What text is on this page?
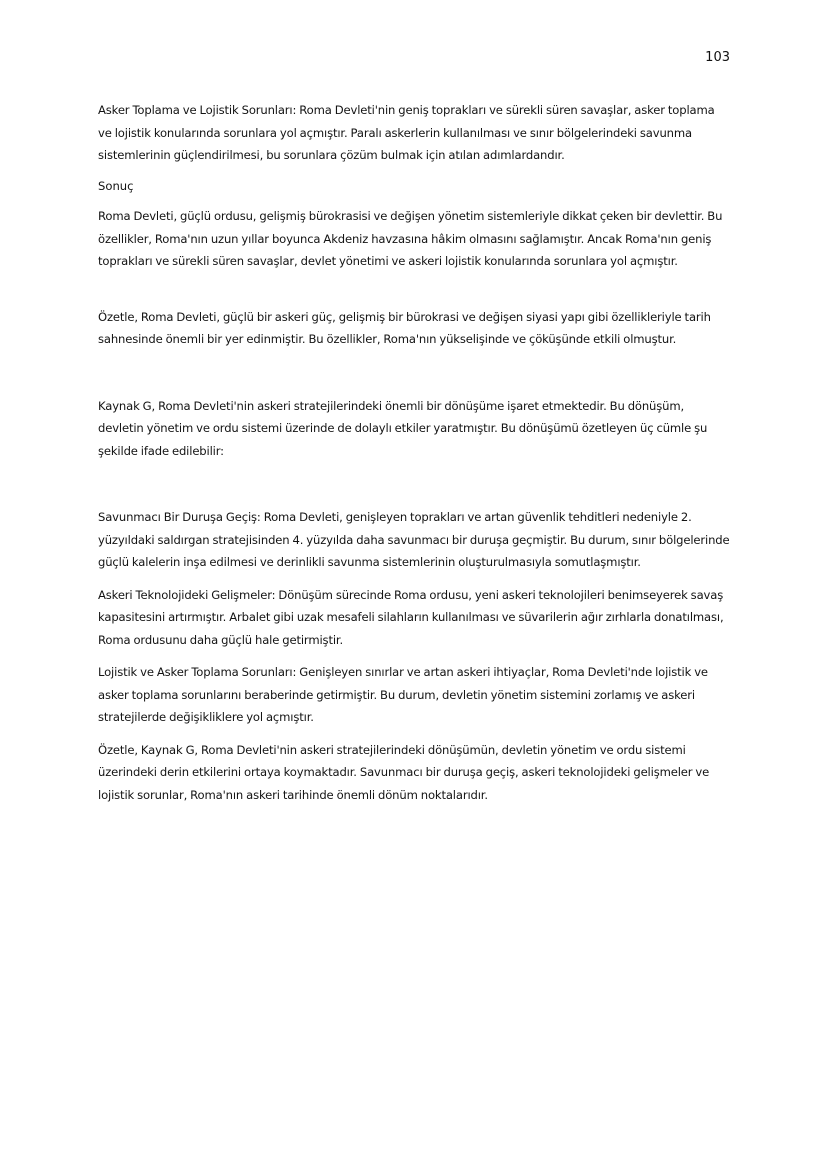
103

Asker Toplama ve Lojistik Sorunları: Roma Devleti'nin geniş toprakları ve sürekli süren savaşlar, asker toplama ve lojistik konularında sorunlara yol açmıştır. Paralı askerlerin kullanılması ve sınır bölgelerindeki savunma sistemlerinin güçlendirilmesi, bu sorunlara çözüm bulmak için atılan adımlardandır.

Sonuç

Roma Devleti, güçlü ordusu, gelişmiş bürokrasisi ve değişen yönetim sistemleriyle dikkat çeken bir devlettir. Bu özellikler, Roma'nın uzun yıllar boyunca Akdeniz havzasına hâkim olmasını sağlamıştır. Ancak Roma'nın geniş toprakları ve sürekli süren savaşlar, devlet yönetimi ve askeri lojistik konularında sorunlara yol açmıştır.

Özetle, Roma Devleti, güçlü bir askeri güç, gelişmiş bir bürokrasi ve değişen siyasi yapı gibi özellikleriyle tarih sahnesinde önemli bir yer edinmiştir. Bu özellikler, Roma'nın yükselişinde ve çöküşünde etkili olmuştur.

Kaynak G, Roma Devleti'nin askeri stratejilerindeki önemli bir dönüşüme işaret etmektedir. Bu dönüşüm, devletin yönetim ve ordu sistemi üzerinde de dolaylı etkiler yaratmıştır. Bu dönüşümü özetleyen üç cümle şu şekilde ifade edilebilir:

Savunmacı Bir Duruşa Geçiş: Roma Devleti, genişleyen toprakları ve artan güvenlik tehditleri nedeniyle 2. yüzyıldaki saldırgan stratejisinden 4. yüzyılda daha savunmacı bir duruşa geçmiştir. Bu durum, sınır bölgelerinde güçlü kalelerin inşa edilmesi ve derinlikli savunma sistemlerinin oluşturulmasıyla somutlaşmıştır.

Askeri Teknolojideki Gelişmeler: Dönüşüm sürecinde Roma ordusu, yeni askeri teknolojileri benimseyerek savaş kapasitesini artırmıştır. Arbalet gibi uzak mesafeli silahların kullanılması ve süvarilerin ağır zırhlarla donatılması, Roma ordusunu daha güçlü hale getirmiştir.

Lojistik ve Asker Toplama Sorunları: Genişleyen sınırlar ve artan askeri ihtiyaçlar, Roma Devleti'nde lojistik ve asker toplama sorunlarını beraberinde getirmiştir. Bu durum, devletin yönetim sistemini zorlamış ve askeri stratejilerde değişikliklere yol açmıştır.

Özetle, Kaynak G, Roma Devleti'nin askeri stratejilerindeki dönüşümün, devletin yönetim ve ordu sistemi üzerindeki derin etkilerini ortaya koymaktadır. Savunmacı bir duruşa geçiş, askeri teknolojideki gelişmeler ve lojistik sorunlar, Roma'nın askeri tarihinde önemli dönüm noktalarıdır.
